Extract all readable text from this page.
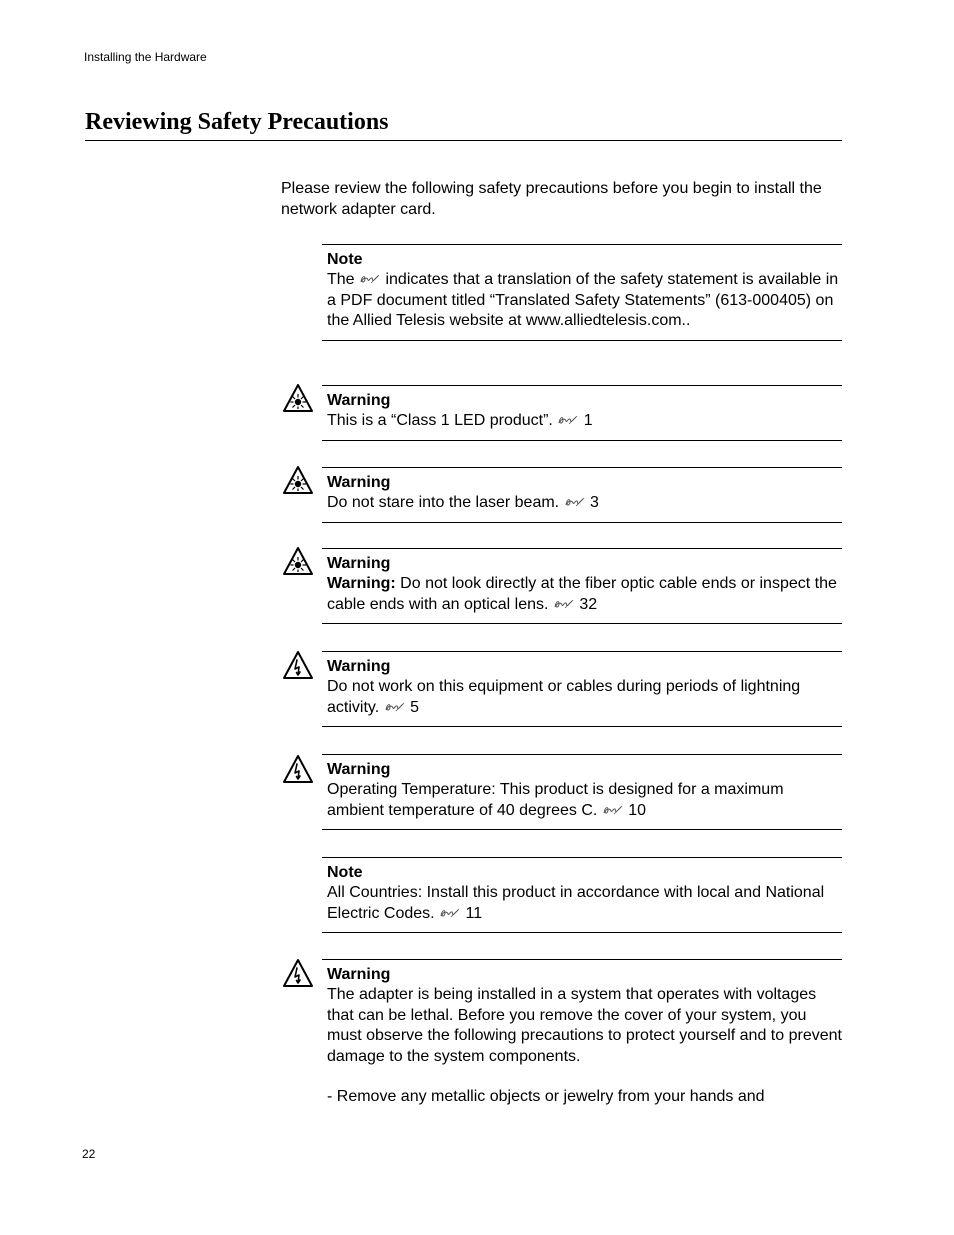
Installing the Hardware
Reviewing Safety Precautions

Please review the following safety precautions before you begin to install the network adapter card.

Note
The  indicates that a translation of the safety statement is available in a PDF document titled “Translated Safety Statements” (613-000405) on the Allied Telesis website at www.alliedtelesis.com..
Warning
This is a “Class 1 LED product”.  1
Warning
Do not stare into the laser beam.  3
Warning
Warning: Do not look directly at the fiber optic cable ends or inspect the cable ends with an optical lens.  32
Warning
Do not work on this equipment or cables during periods of lightning activity.  5
Warning
Operating Temperature: This product is designed for a maximum ambient temperature of 40 degrees C.  10
Note
All Countries: Install this product in accordance with local and National Electric Codes.  11
Warning
The adapter is being installed in a system that operates with voltages that can be lethal. Before you remove the cover of your system, you must observe the following precautions to protect yourself and to prevent damage to the system components.
- Remove any metallic objects or jewelry from your hands and
22
